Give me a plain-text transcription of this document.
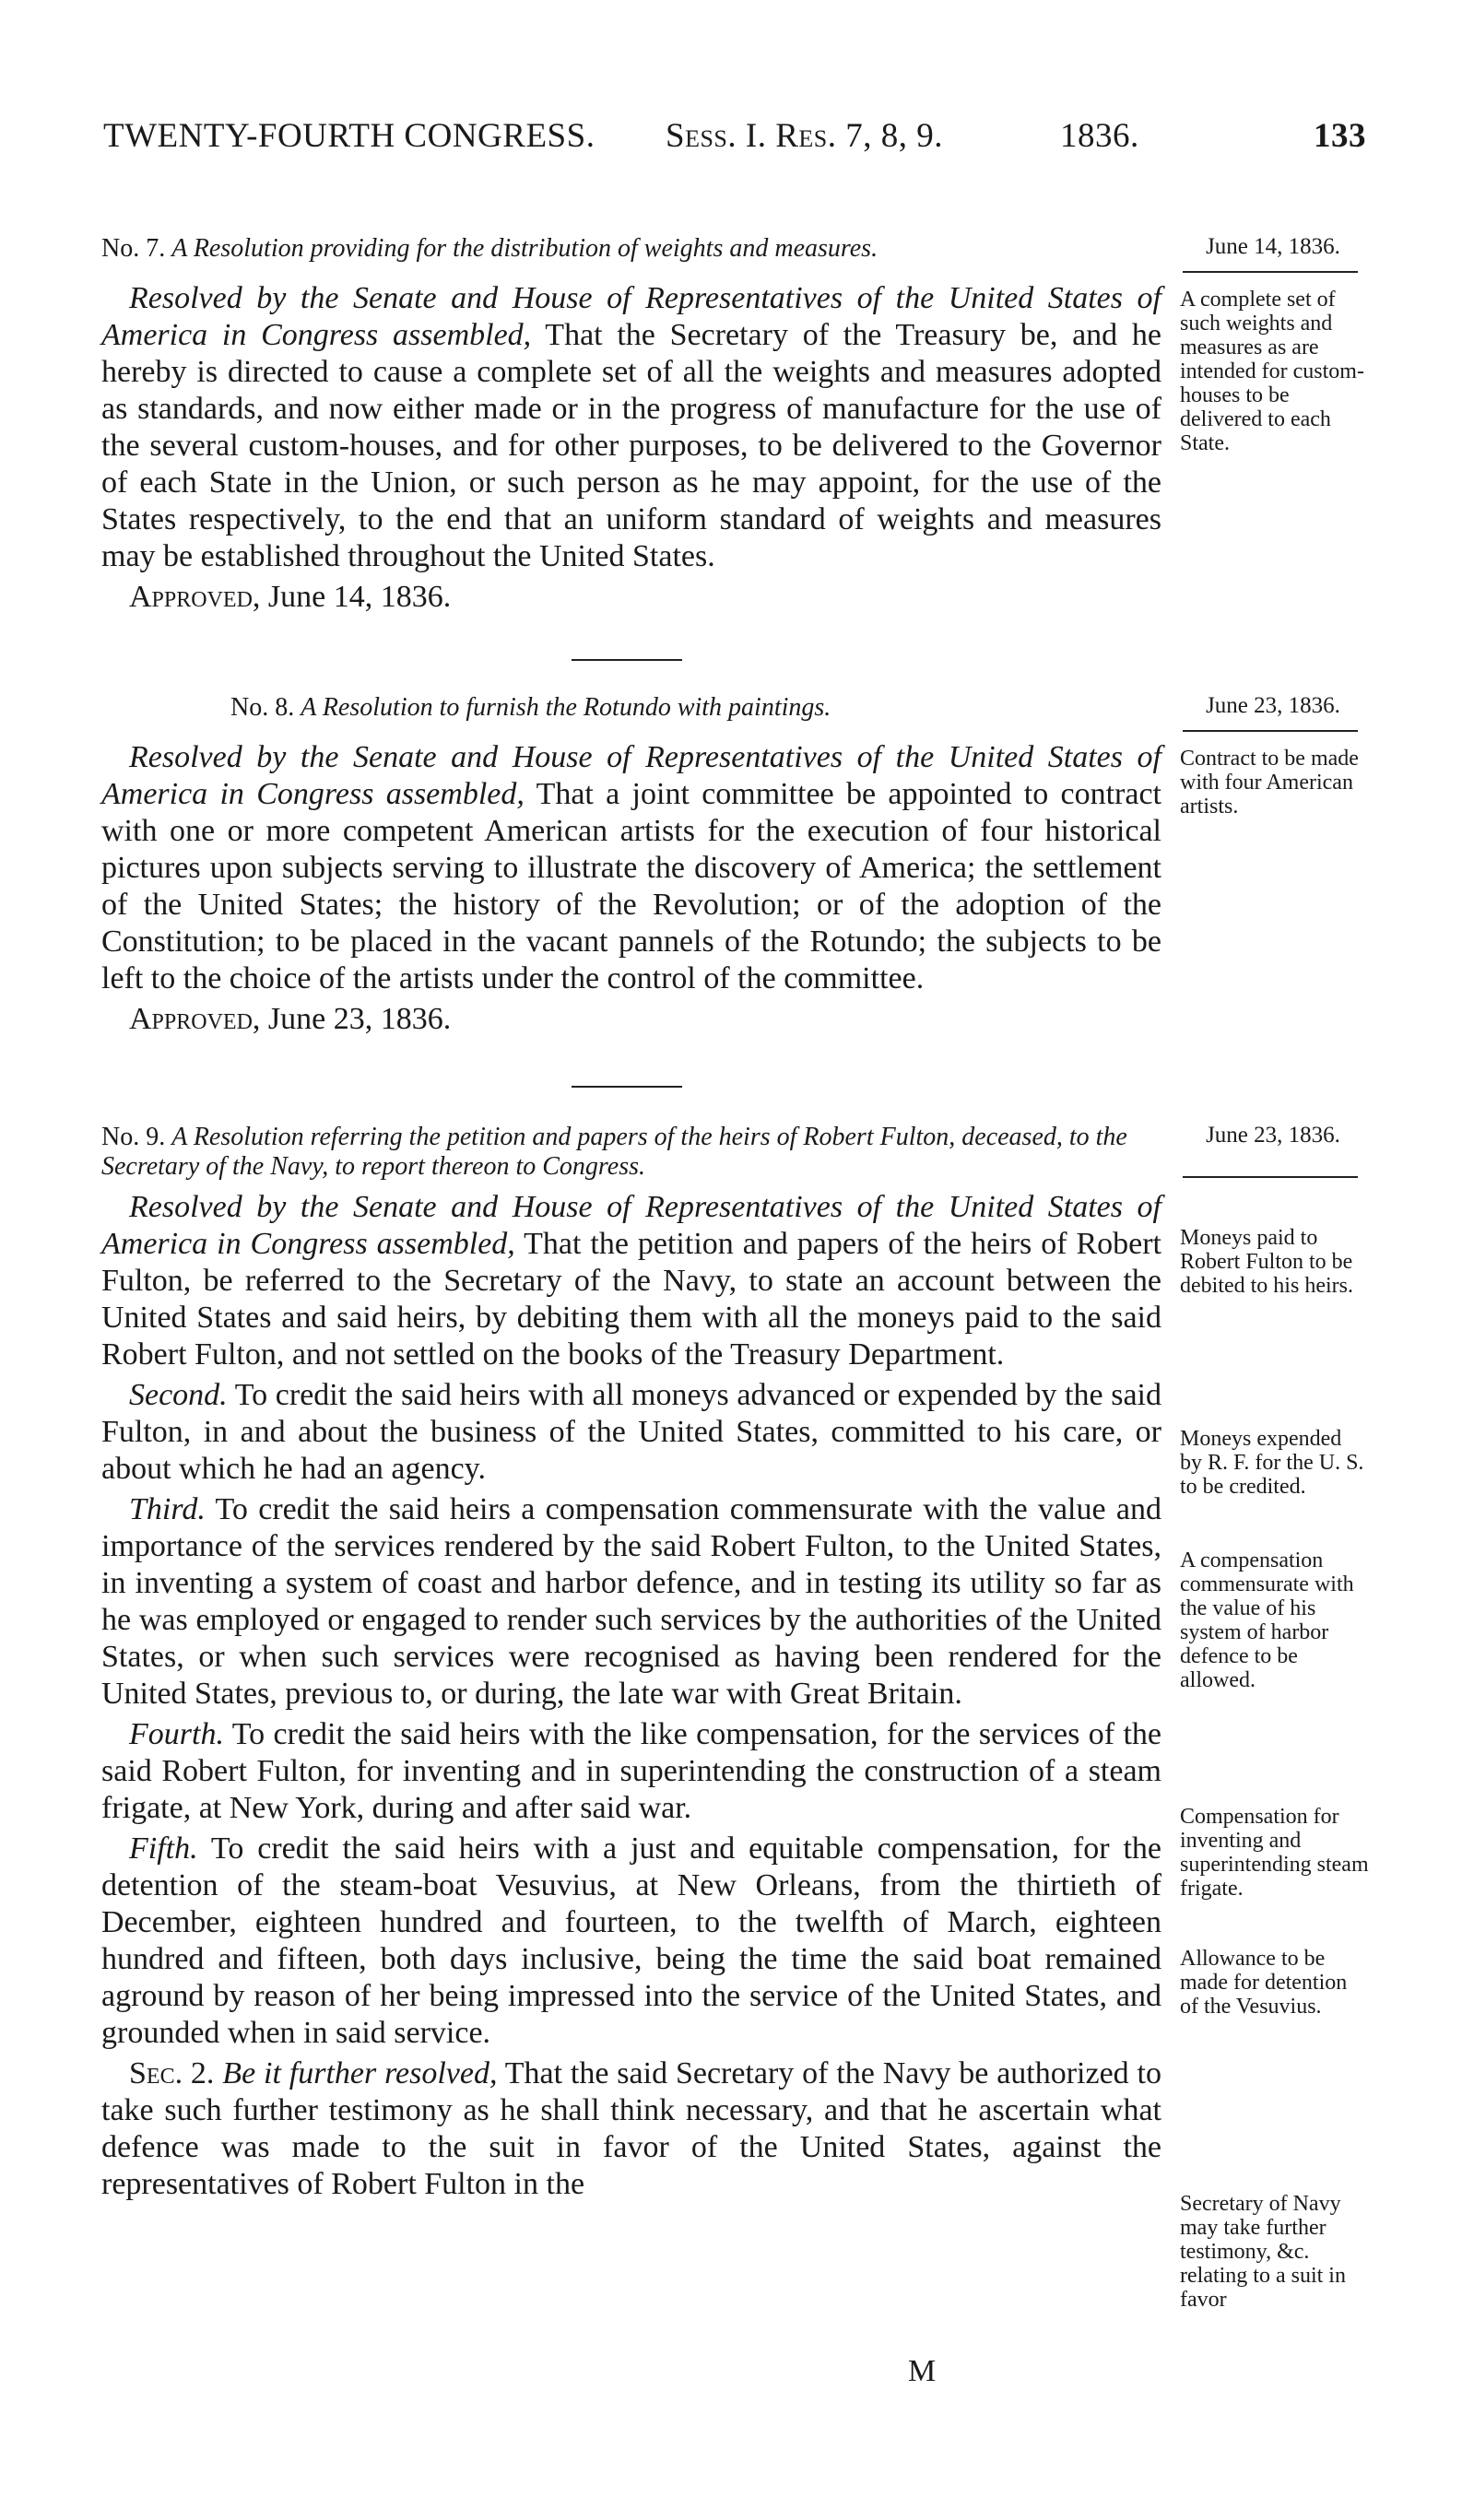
TWENTY-FOURTH CONGRESS. Sess. I. Res. 7, 8, 9.	1836.	133
No. 7. A Resolution providing for the distribution of weights and measures.	June 14, 1836.

Resolved by the Senate and House of Representatives of the United States of America in Congress assembled, That the Secretary of the Treasury be, and he hereby is directed to cause a complete set of all the weights and measures adopted as standards, and now either made or in the progress of manufacture for the use of the several custom-houses, and for other purposes, to be delivered to the Governor of each State in the Union, or such person as he may appoint, for the use of the States respectively, to the end that an uniform standard of weights and measures may be established throughout the United States.

Approved, June 14, 1836.
A complete set of such weights and measures as are intended for custom-houses to be delivered to each State.
No. 8. A Resolution to furnish the Rotundo with paintings.	June 23, 1836.

Resolved by the Senate and House of Representatives of the United States of America in Congress assembled, That a joint committee be appointed to contract with one or more competent American artists for the execution of four historical pictures upon subjects serving to illustrate the discovery of America; the settlement of the United States; the history of the Revolution; or of the adoption of the Constitution; to be placed in the vacant pannels of the Rotundo; the subjects to be left to the choice of the artists under the control of the committee.

Approved, June 23, 1836.
Contract to be made with four American artists.
No. 9. A Resolution referring the petition and papers of the heirs of Robert Fulton, deceased, to the Secretary of the Navy, to report thereon to Congress.
June 23, 1836.

Resolved by the Senate and House of Representatives of the United States of America in Congress assembled, That the petition and papers of the heirs of Robert Fulton, be referred to the Secretary of the Navy, to state an account between the United States and said heirs, by debiting them with all the moneys paid to the said Robert Fulton, and not settled on the books of the Treasury Department.

Second. To credit the said heirs with all moneys advanced or expended by the said Fulton, in and about the business of the United States, committed to his care, or about which he had an agency.

Third. To credit the said heirs a compensation commensurate with the value and importance of the services rendered by the said Robert Fulton, to the United States, in inventing a system of coast and harbor defence, and in testing its utility so far as he was employed or engaged to render such services by the authorities of the United States, or when such services were recognised as having been rendered for the United States, previous to, or during, the late war with Great Britain.

Fourth. To credit the said heirs with the like compensation, for the services of the said Robert Fulton, for inventing and in superintending the construction of a steam frigate, at New York, during and after said war.

Fifth. To credit the said heirs with a just and equitable compensation, for the detention of the steam-boat Vesuvius, at New Orleans, from the thirtieth of December, eighteen hundred and fourteen, to the twelfth of March, eighteen hundred and fifteen, both days inclusive, being the time the said boat remained aground by reason of her being impressed into the service of the United States, and grounded when in said service.

Sec. 2. Be it further resolved, That the said Secretary of the Navy be authorized to take such further testimony as he shall think necessary, and that he ascertain what defence was made to the suit in favor of the United States, against the representatives of Robert Fulton in the

Moneys paid to Robert Fulton to be debited to his heirs.
Moneys expended by R. F. for the U. S. to be credited.
A compensation commensurate with the value of his system of harbor defence to be allowed.
Compensation for inventing and superintending steam frigate.
Allowance to be made for detention of the Vesuvius.
Secretary of Navy may take further testimony, &c. relating to a suit in favor
M
